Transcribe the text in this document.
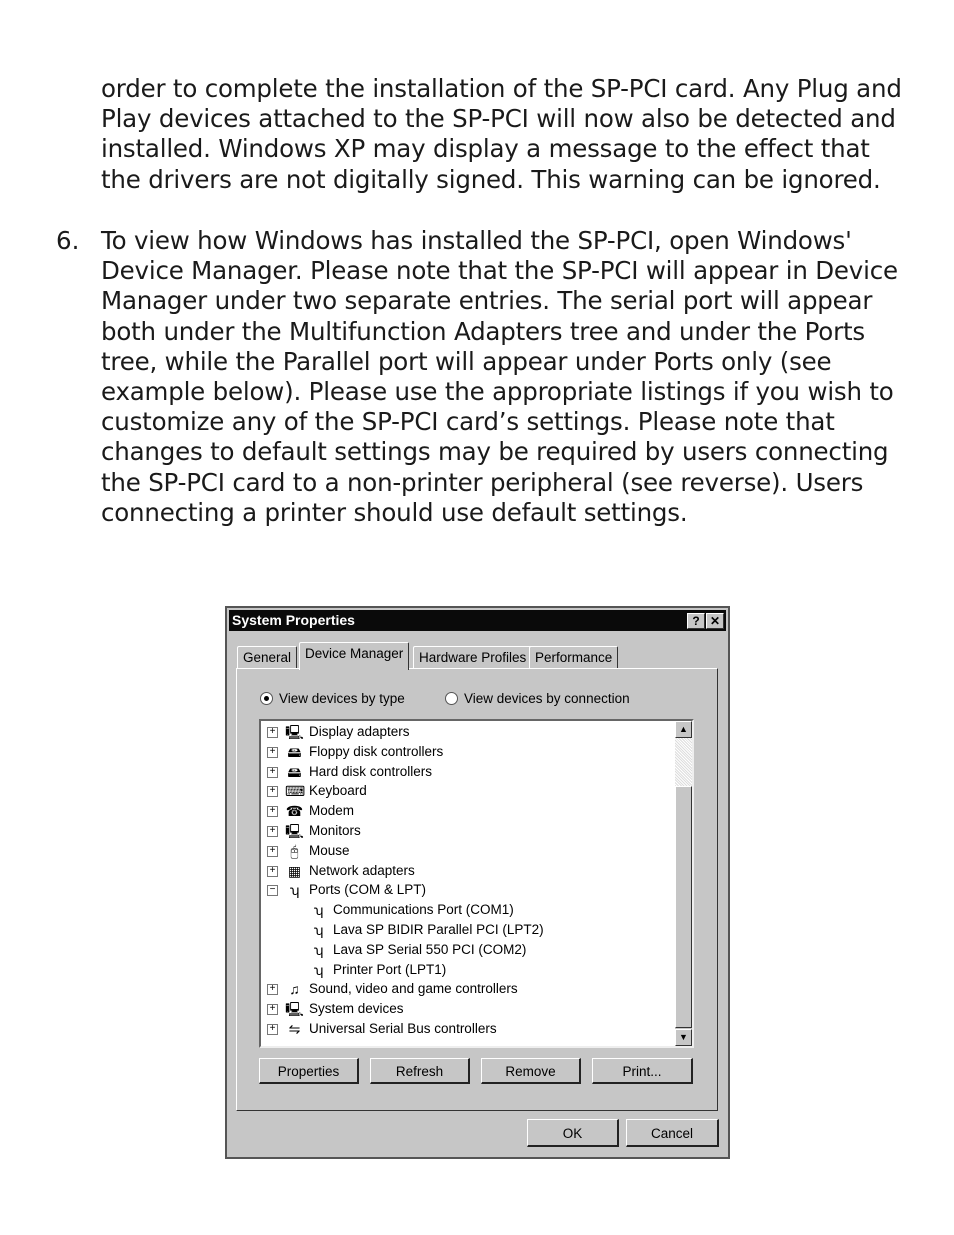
order to complete the installation of the SP-PCI card. Any Plug and Play devices attached to the SP-PCI will now also be detected and installed. Windows XP may display a message to the effect that the drivers are not digitally signed. This warning can be ignored.

6. To view how Windows has installed the SP-PCI, open Windows' Device Manager. Please note that the SP-PCI will appear in Device Manager under two separate entries. The serial port will appear both under the Multifunction Adapters tree and under the Ports tree, while the Parallel port will appear under Ports only (see example below). Please use the appropriate listings if you wish to customize any of the SP-PCI card’s settings. Please note that changes to default settings may be required by users connecting the SP-PCI card to a non-printer peripheral (see reverse). Users connecting a printer should use default settings.

System Properties	? ✕
General	Device Manager	Hardware Profiles Performance
View devices by type	View devices by connection
▲
▼
+ 🖳 Display adapters
+ 🖴 Floppy disk controllers
+ 🖴 Hard disk controllers
+ ⌨ Keyboard
+ ☎ Modem
+ 🖳 Monitors
+	🖰 Mouse
+ ▦ Network adapters
−	ʮ Ports (COM & LPT)
ʮ Communications Port (COM1)
ʮ Lava SP BIDIR Parallel PCI (LPT2)
ʮ Lava SP Serial 550 PCI (COM2)
ʮ Printer Port (LPT1)
+ ♫ Sound, video and game controllers
+ 🖳 System devices
+ ⇋ Universal Serial Bus controllers
Properties	Refresh	Remove	Print...
OK	Cancel
